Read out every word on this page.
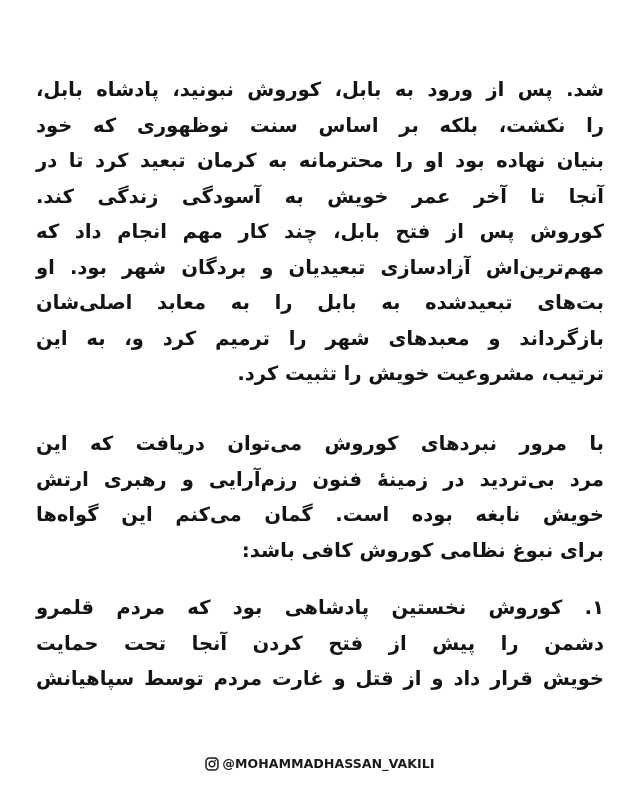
شد. پس از ورود به بابل، کوروش نبونید، پادشاه بابل،
را نکشت، بلکه بر اساس سنت نوظهوری که خود
بنیان نهاده بود او را محترمانه به کرمان تبعید کرد تا در
آنجا تا آخر عمر خویش به آسودگی زندگی کند.
کوروش پس از فتح بابل، چند کار مهم انجام داد که
مهم‌ترین‌اش آزادسازی تبعیدیان و بردگان شهر بود. او
بت‌های تبعیدشده به بابل را به معابد اصلی‌شان
بازگرداند و معبدهای شهر را ترمیم کرد و، به این
ترتیب، مشروعیت خویش را تثبیت کرد.
با مرور نبردهای کوروش می‌توان دریافت که این
مرد بی‌تردید در زمینهٔ فنون رزم‌آرایی و رهبری ارتش
خویش نابغه بوده است. گمان می‌کنم این گواه‌ها
برای نبوغ نظامی کوروش کافی باشد:
۱. کوروش نخستین پادشاهی بود که مردم قلمرو
دشمن را پیش از فتح کردن آنجا تحت حمایت
خویش قرار داد و از قتل و غارت مردم توسط سپاهیانش
@MOHAMMADHASSAN_VAKILI
